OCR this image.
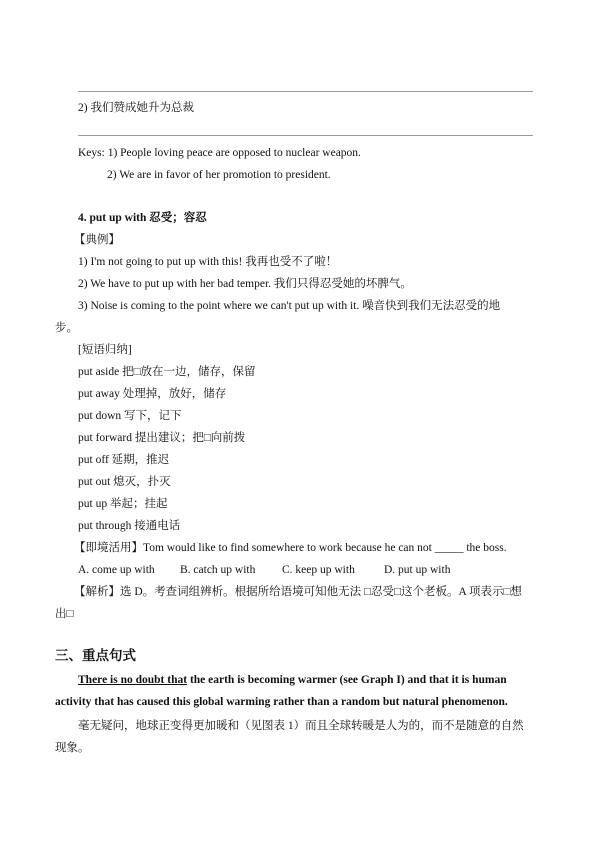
2) 我们赞成她升为总裁
Keys: 1) People loving peace are opposed to nuclear weapon.
2) We are in favor of her promotion to president.
4. put up with 忍受；容忍
【典例】
1) I'm not going to put up with this! 我再也受不了啦！
2) We have to put up with her bad temper. 我们只得忍受她的坏脾气。
3) Noise is coming to the point where we can't put up with it. 噪音快到我们无法忍受的地
步。
[短语归纳]
put aside 把□放在一边，储存，保留
put away 处理掉，放好，储存
put down 写下，记下
put forward 提出建议；把□向前拨
put off 延期，推迟
put out 熄灭，扑灭
put up 举起；挂起
put through 接通电话
【即境活用】Tom would like to find somewhere to work because he can not _____ the boss.
A. come up with B. catch up with C. keep up with	D. put up with
【解析】选 D。考查词组辨析。根据所给语境可知他无法 □忍受□这个老板。A 项表示□想
出□
三、重点句式
There is no doubt that the earth is becoming warmer (see Graph I) and that it is human
activity that has caused this global warming rather than a random but natural phenomenon.
毫无疑问，地球正变得更加暖和（见图表 1）而且全球转暖是人为的，而不是随意的自然
现象。
